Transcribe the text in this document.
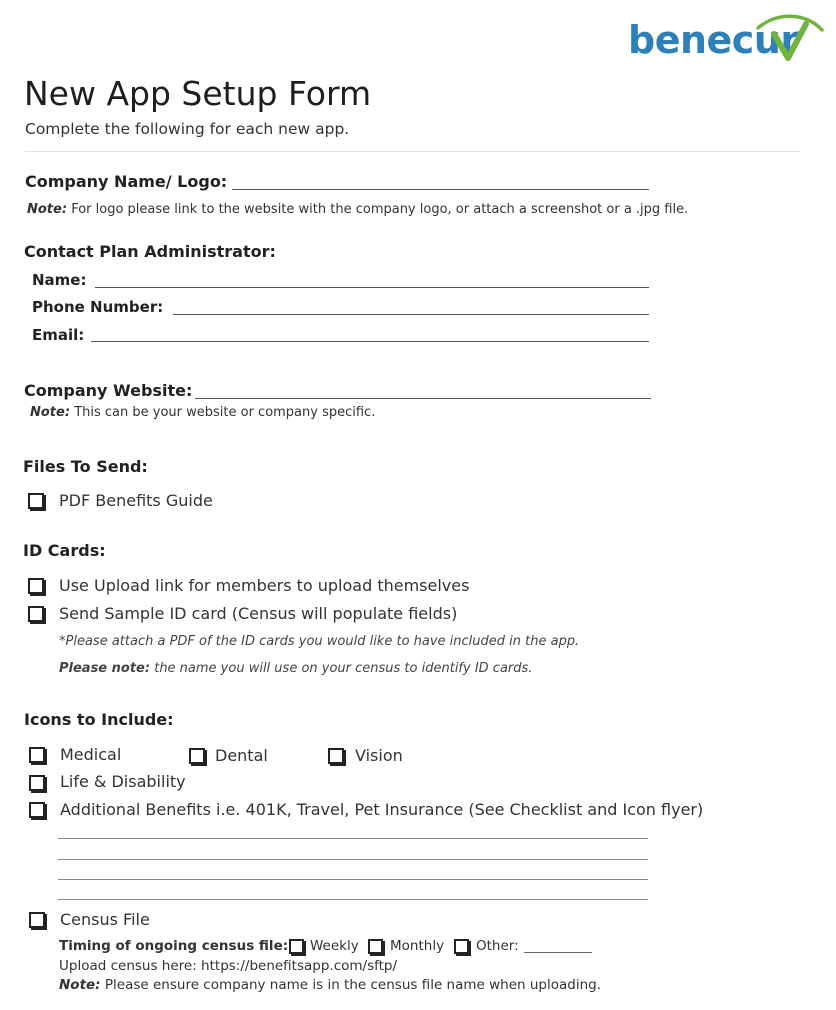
benecur
New App Setup Form
Complete the following for each new app.
Company Name/ Logo:
Note: For logo please link to the website with the company logo, or attach a screenshot or a .jpg file.
Contact Plan Administrator:
Name:
Phone Number:
Email:
Company Website:
Note: This can be your website or company specific.
Files To Send:
PDF Benefits Guide
ID Cards:
Use Upload link for members to upload themselves
Send Sample ID card (Census will populate fields)
*Please attach a PDF of the ID cards you would like to have included in the app.
Please note: the name you will use on your census to identify ID cards.
Icons to Include:
Medical	Dental	Vision
Life & Disability
Additional Benefits i.e. 401K, Travel, Pet Insurance (See Checklist and Icon flyer)
Census File
Timing of ongoing census file: Weekly Monthly Other:
Upload census here: https://benefitsapp.com/sftp/
Note: Please ensure company name is in the census file name when uploading.
